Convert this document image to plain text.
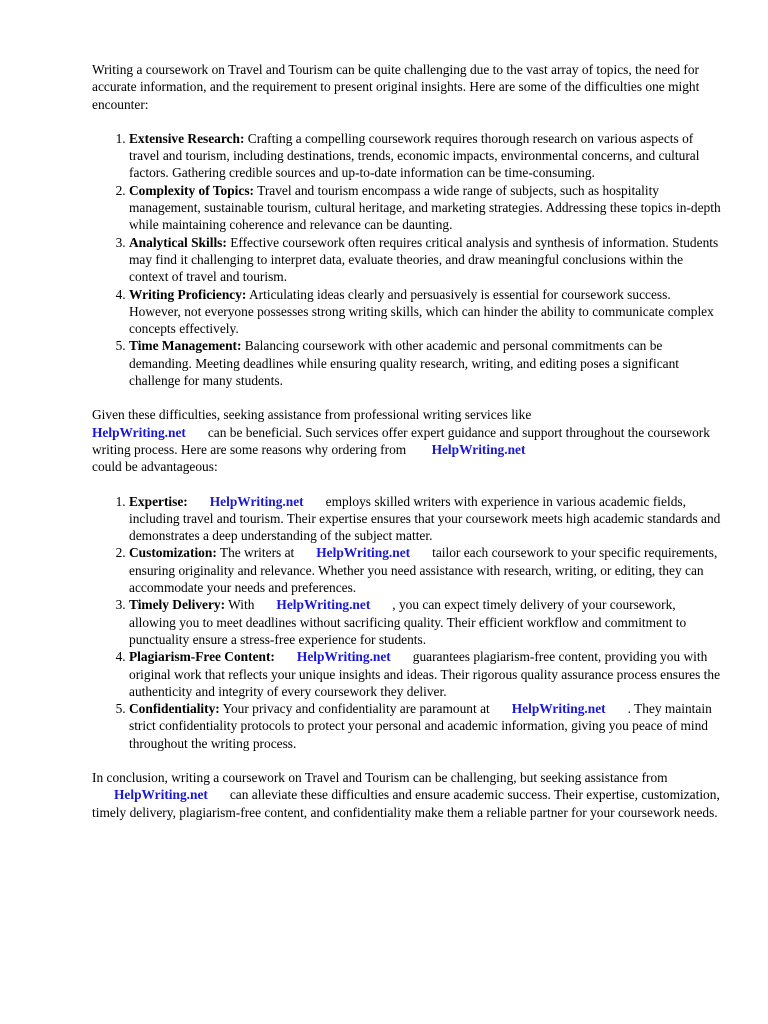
Writing a coursework on Travel and Tourism can be quite challenging due to the vast array of topics, the need for accurate information, and the requirement to present original insights. Here are some of the difficulties one might encounter:

1. Extensive Research: Crafting a compelling coursework requires thorough research on various aspects of travel and tourism, including destinations, trends, economic impacts, environmental concerns, and cultural factors. Gathering credible sources and up-to-date information can be time-consuming.
2. Complexity of Topics: Travel and tourism encompass a wide range of subjects, such as hospitality management, sustainable tourism, cultural heritage, and marketing strategies. Addressing these topics in-depth while maintaining coherence and relevance can be daunting.
3. Analytical Skills: Effective coursework often requires critical analysis and synthesis of information. Students may find it challenging to interpret data, evaluate theories, and draw meaningful conclusions within the context of travel and tourism.
4. Writing Proficiency: Articulating ideas clearly and persuasively is essential for coursework success. However, not everyone possesses strong writing skills, which can hinder the ability to communicate complex concepts effectively.
5. Time Management: Balancing coursework with other academic and personal commitments can be demanding. Meeting deadlines while ensuring quality research, writing, and editing poses a significant challenge for many students.

Given these difficulties, seeking assistance from professional writing services like
HelpWriting.net can be beneficial. Such services offer expert guidance and support throughout the coursework writing process. Here are some reasons why ordering from HelpWriting.net
could be advantageous:

1. Expertise: HelpWriting.net employs skilled writers with experience in various academic fields, including travel and tourism. Their expertise ensures that your coursework meets high academic standards and demonstrates a deep understanding of the subject matter.
2. Customization: The writers at HelpWriting.net tailor each coursework to your specific requirements, ensuring originality and relevance. Whether you need assistance with research, writing, or editing, they can accommodate your needs and preferences.
3. Timely Delivery: With HelpWriting.net , you can expect timely delivery of your coursework, allowing you to meet deadlines without sacrificing quality. Their efficient workflow and commitment to punctuality ensure a stress-free experience for students.
4. Plagiarism-Free Content: HelpWriting.net guarantees plagiarism-free content, providing you with original work that reflects your unique insights and ideas. Their rigorous quality assurance process ensures the authenticity and integrity of every coursework they deliver.
5. Confidentiality: Your privacy and confidentiality are paramount at HelpWriting.net . They maintain strict confidentiality protocols to protect your personal and academic information, giving you peace of mind throughout the writing process.

In conclusion, writing a coursework on Travel and Tourism can be challenging, but seeking assistance from HelpWriting.net can alleviate these difficulties and ensure academic success. Their expertise, customization, timely delivery, plagiarism-free content, and confidentiality make them a reliable partner for your coursework needs.
